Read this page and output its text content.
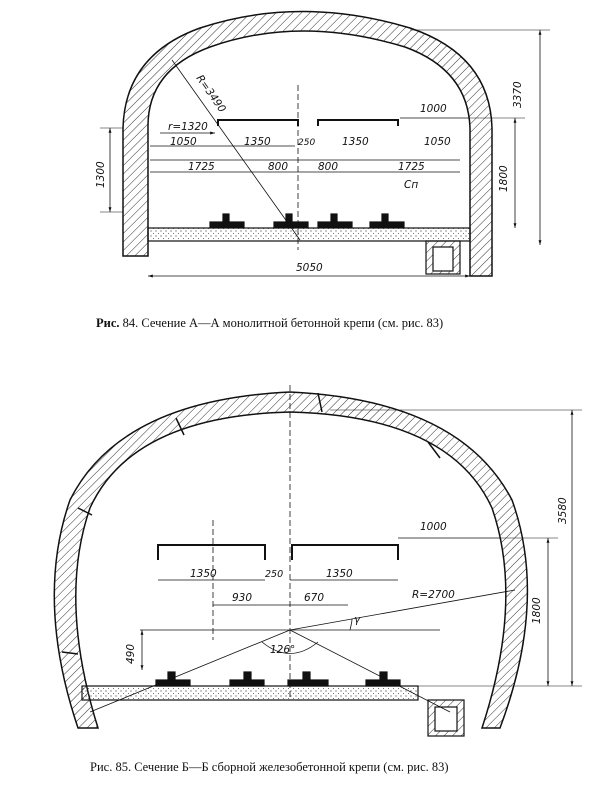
R=3490
r=1320
3370
1300	1800
1000
1350	250	1350
1050	1050
1725	800	800	1725
Cп
5050
3580
1000
1350	250	1350
930	670	R=2700
γ
126°
490
1800
Рис. 84. Сечение А—А монолитной бетонной крепи (см. рис. 83)
Рис. 85. Сечение Б—Б сборной железобетонной крепи (см. рис. 83)
